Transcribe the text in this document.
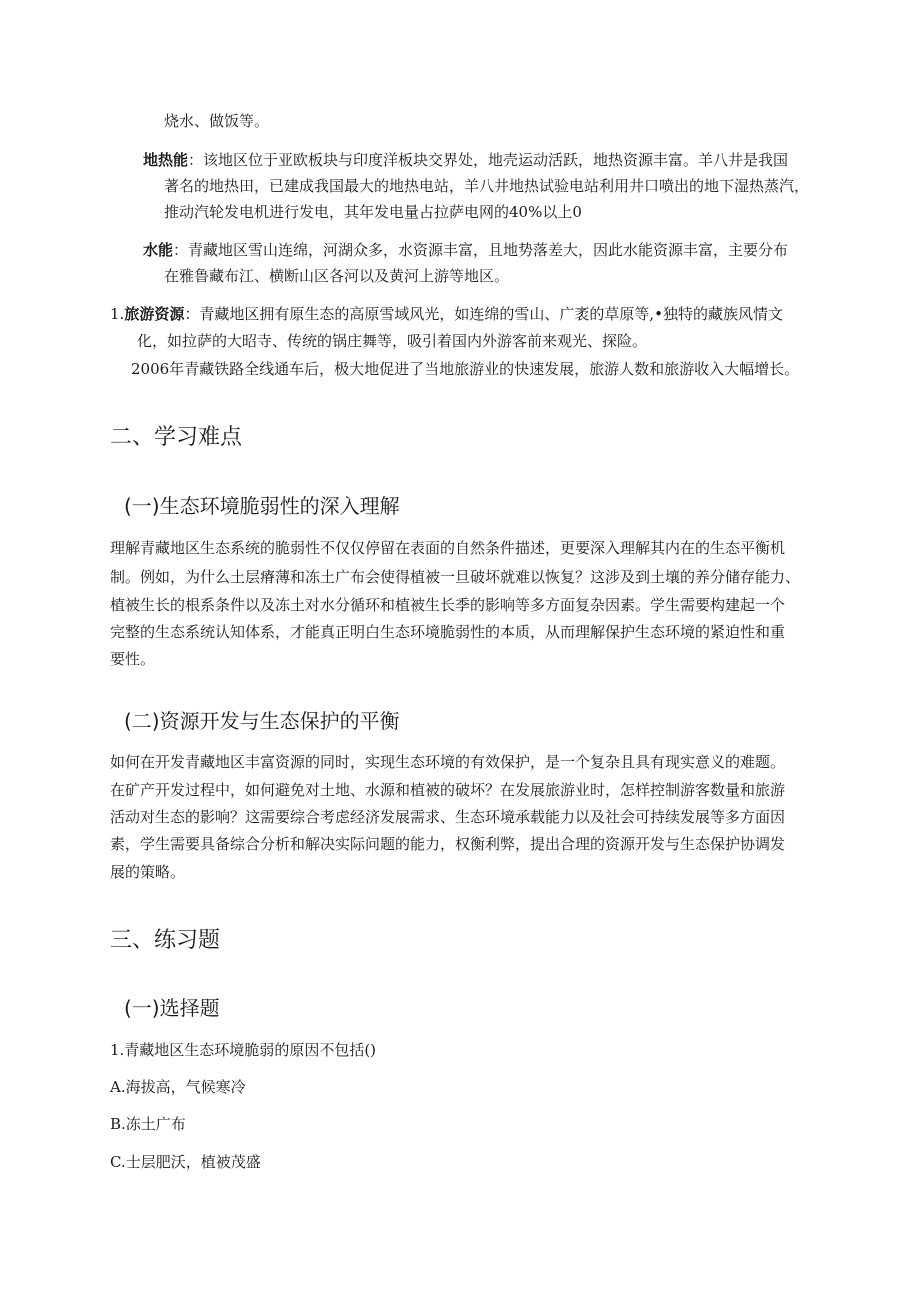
烧水、做饭等。
地热能：该地区位于亚欧板块与印度洋板块交界处，地壳运动活跃，地热资源丰富。羊八井是我国
著名的地热田，已建成我国最大的地热电站，羊八井地热试验电站利用井口喷出的地下湿热蒸汽，
推动汽轮发电机进行发电，其年发电量占拉萨电网的40%以上0
水能：青藏地区雪山连绵，河湖众多，水资源丰富，且地势落差大，因此水能资源丰富，主要分布
在雅鲁藏布江、横断山区各河以及黄河上游等地区。
1.旅游资源：青藏地区拥有原生态的高原雪域风光，如连绵的雪山、广袤的草原等,•独特的藏族风情文
化，如拉萨的大昭寺、传统的锅庄舞等，吸引着国内外游客前来观光、探险。
2006年青藏铁路全线通车后，极大地促进了当地旅游业的快速发展，旅游人数和旅游收入大幅增长。
二、学习难点
(一)生态环境脆弱性的深入理解
理解青藏地区生态系统的脆弱性不仅仅停留在表面的自然条件描述，更要深入理解其内在的生态平衡机
制。例如，为什么土层瘠薄和冻土广布会使得植被一旦破坏就难以恢复？这涉及到土壤的养分储存能力、
植被生长的根系条件以及冻土对水分循环和植被生长季的影响等多方面复杂因素。学生需要构建起一个
完整的生态系统认知体系，才能真正明白生态环境脆弱性的本质，从而理解保护生态环境的紧迫性和重
要性。
(二)资源开发与生态保护的平衡
如何在开发青藏地区丰富资源的同时，实现生态环境的有效保护，是一个复杂且具有现实意义的难题。
在矿产开发过程中，如何避免对土地、水源和植被的破坏？在发展旅游业时，怎样控制游客数量和旅游
活动对生态的影响？这需要综合考虑经济发展需求、生态环境承载能力以及社会可持续发展等多方面因
素，学生需要具备综合分析和解决实际问题的能力，权衡利弊，提出合理的资源开发与生态保护协调发
展的策略。
三、练习题
(一)选择题
1.青藏地区生态环境脆弱的原因不包括()
A.海拔高，气候寒冷
B.冻土广布
C.士层肥沃，植被茂盛
